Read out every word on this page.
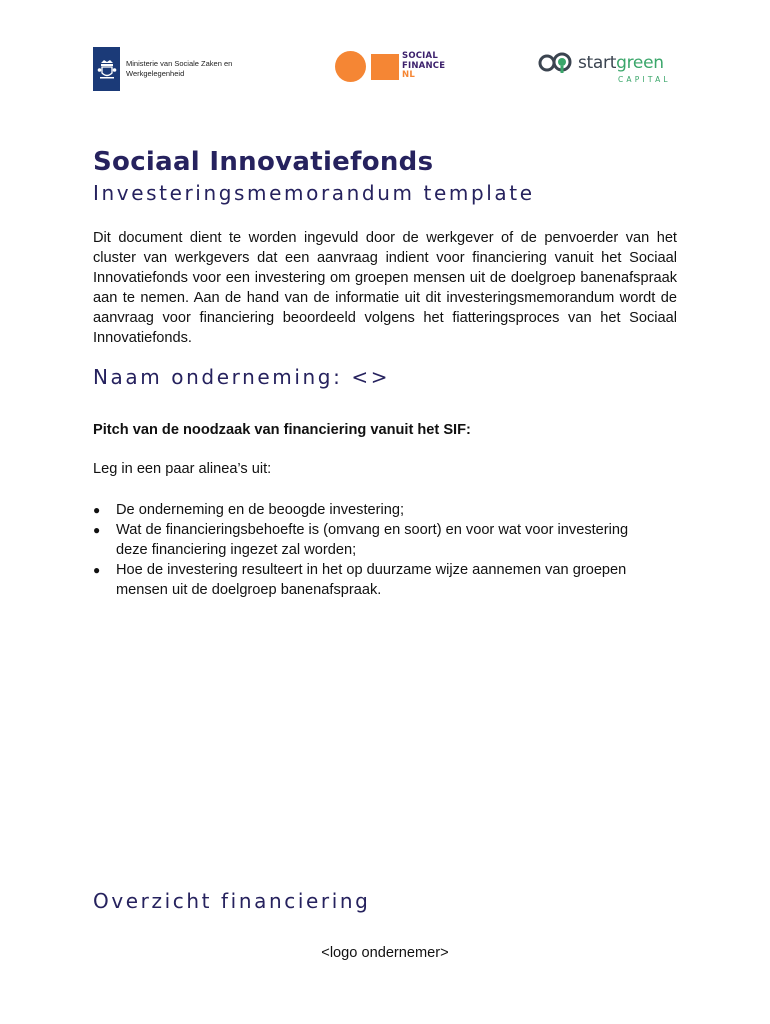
Ministerie van Sociale Zaken en
Werkgelegenheid
SOCIAL
FINANCE
NL
startgreen
CAPITAL
Sociaal Innovatiefonds
Investeringsmemorandum template

Dit document dient te worden ingevuld door de werkgever of de penvoerder van het cluster van werkgevers dat een aanvraag indient voor financiering vanuit het Sociaal Innovatiefonds voor een investering om groepen mensen uit de doelgroep banenafspraak aan te nemen. Aan de hand van de informatie uit dit investeringsmemorandum wordt de aanvraag voor financiering beoordeeld volgens het fiatteringsproces van het Sociaal Innovatiefonds.

Naam onderneming: <>
Pitch van de noodzaak van financiering vanuit het SIF:
Leg in een paar alinea’s uit:
● De onderneming en de beoogde investering;
● Wat de financieringsbehoefte is (omvang en soort) en voor wat voor investering deze financiering ingezet zal worden;
● Hoe de investering resulteert in het op duurzame wijze aannemen van groepen mensen uit de doelgroep banenafspraak.
Overzicht financiering
<logo ondernemer>
